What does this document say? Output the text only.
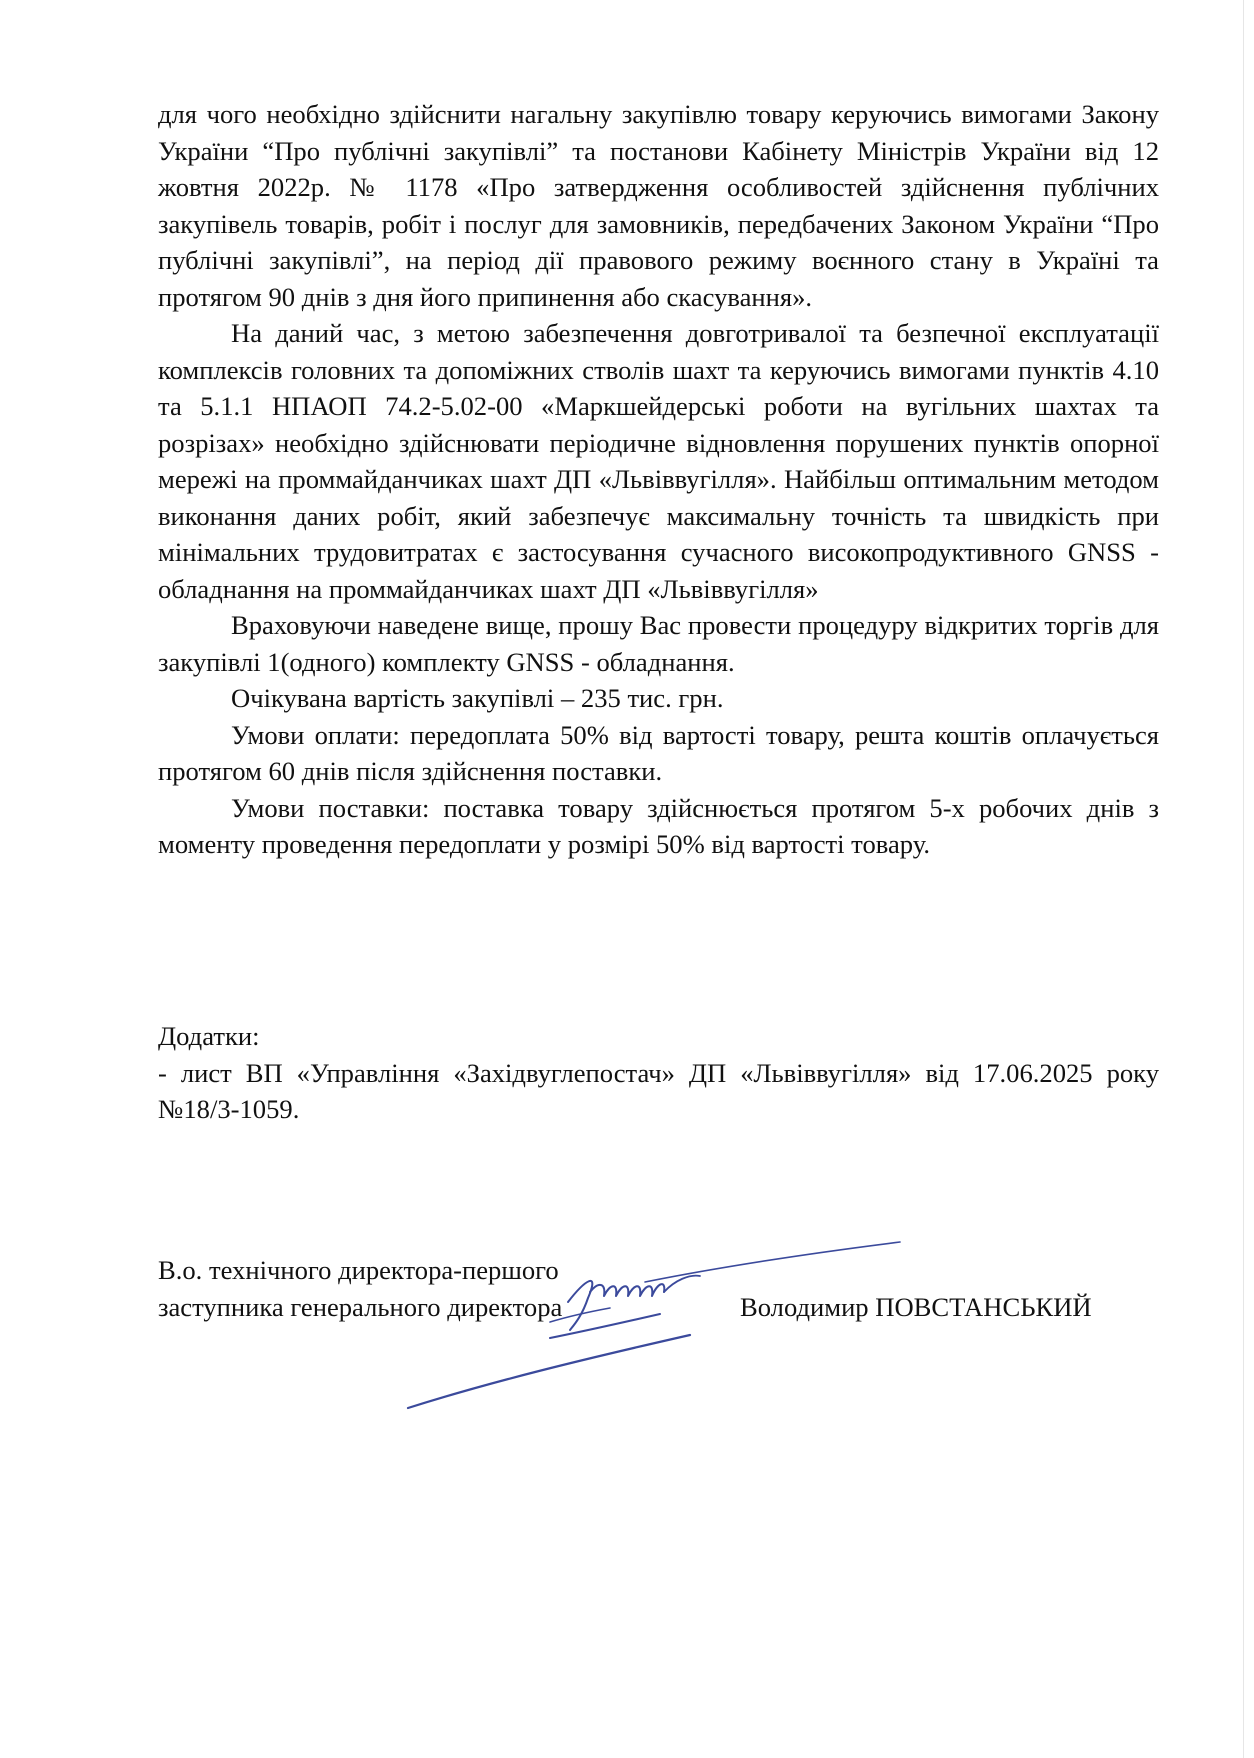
для чого необхідно здійснити нагальну закупівлю товару керуючись вимогами Закону України “Про публічні закупівлі” та постанови Кабінету Міністрів України від 12 жовтня 2022р. № 1178 «Про затвердження особливостей здійснення публічних закупівель товарів, робіт і послуг для замовників, передбачених Законом України “Про публічні закупівлі”, на період дії правового режиму воєнного стану в Україні та протягом 90 днів з дня його припинення або скасування».

На даний час, з метою забезпечення довготривалої та безпечної експлуатації комплексів головних та допоміжних стволів шахт та керуючись вимогами пунктів 4.10 та 5.1.1 НПАОП 74.2-5.02-00 «Маркшейдерські роботи на вугільних шахтах та розрізах» необхідно здійснювати періодичне відновлення порушених пунктів опорної мережі на проммайданчиках шахт ДП «Львіввугілля». Найбільш оптимальним методом виконання даних робіт, який забезпечує максимальну точність та швидкість при мінімальних трудовитратах є застосування сучасного високопродуктивного GNSS - обладнання на проммайданчиках шахт ДП «Львіввугілля»

Враховуючи наведене вище, прошу Вас провести процедуру відкритих торгів для закупівлі 1(одного) комплекту GNSS - обладнання.

Очікувана вартість закупівлі – 235 тис. грн.

Умови оплати: передоплата 50% від вартості товару, решта коштів оплачується протягом 60 днів після здійснення поставки.

Умови поставки: поставка товару здійснюється протягом 5-х робочих днів з моменту проведення передоплати у розмірі 50% від вартості товару.

Додатки:

- лист ВП «Управління «Західвуглепостач» ДП «Львіввугілля» від 17.06.2025 року №18/3-1059.

В.о. технічного директора-першого
заступника генерального директора	Володимир ПОВСТАНСЬКИЙ
